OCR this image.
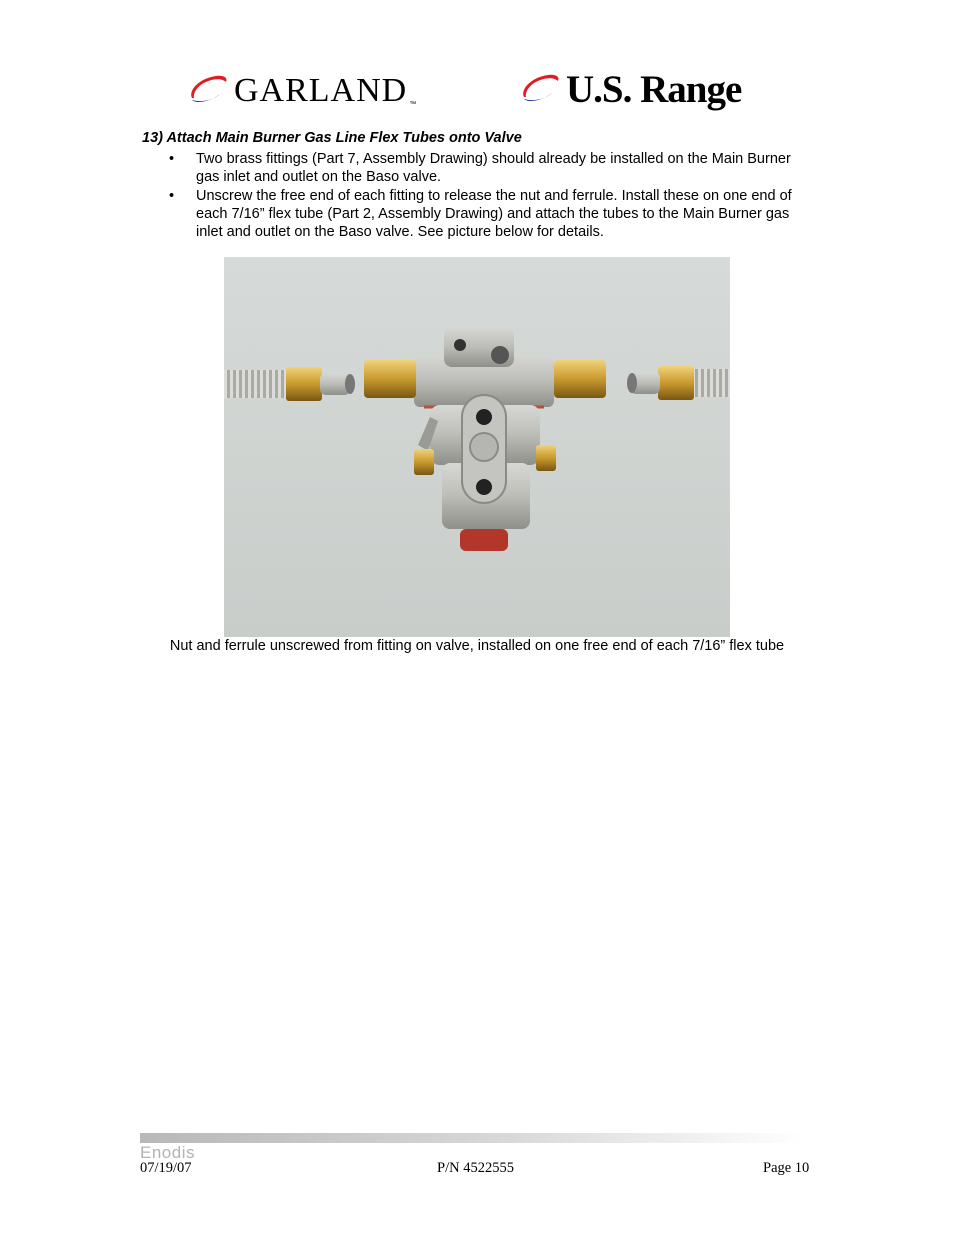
GARLAND ™	U.S. Range
13) Attach Main Burner Gas Line Flex Tubes onto Valve
• Two brass fittings (Part 7, Assembly Drawing) should already be installed on the Main Burner gas inlet and outlet on the Baso valve.
• Unscrew the free end of each fitting to release the nut and ferrule. Install these on one end of each 7/16” flex tube (Part 2, Assembly Drawing) and attach the tubes to the Main Burner gas inlet and outlet on the Baso valve. See picture below for details.
Nut and ferrule unscrewed from fitting on valve, installed on one free end of each 7/16” flex tube
Enodis
07/19/07	P/N 4522555	Page 10
